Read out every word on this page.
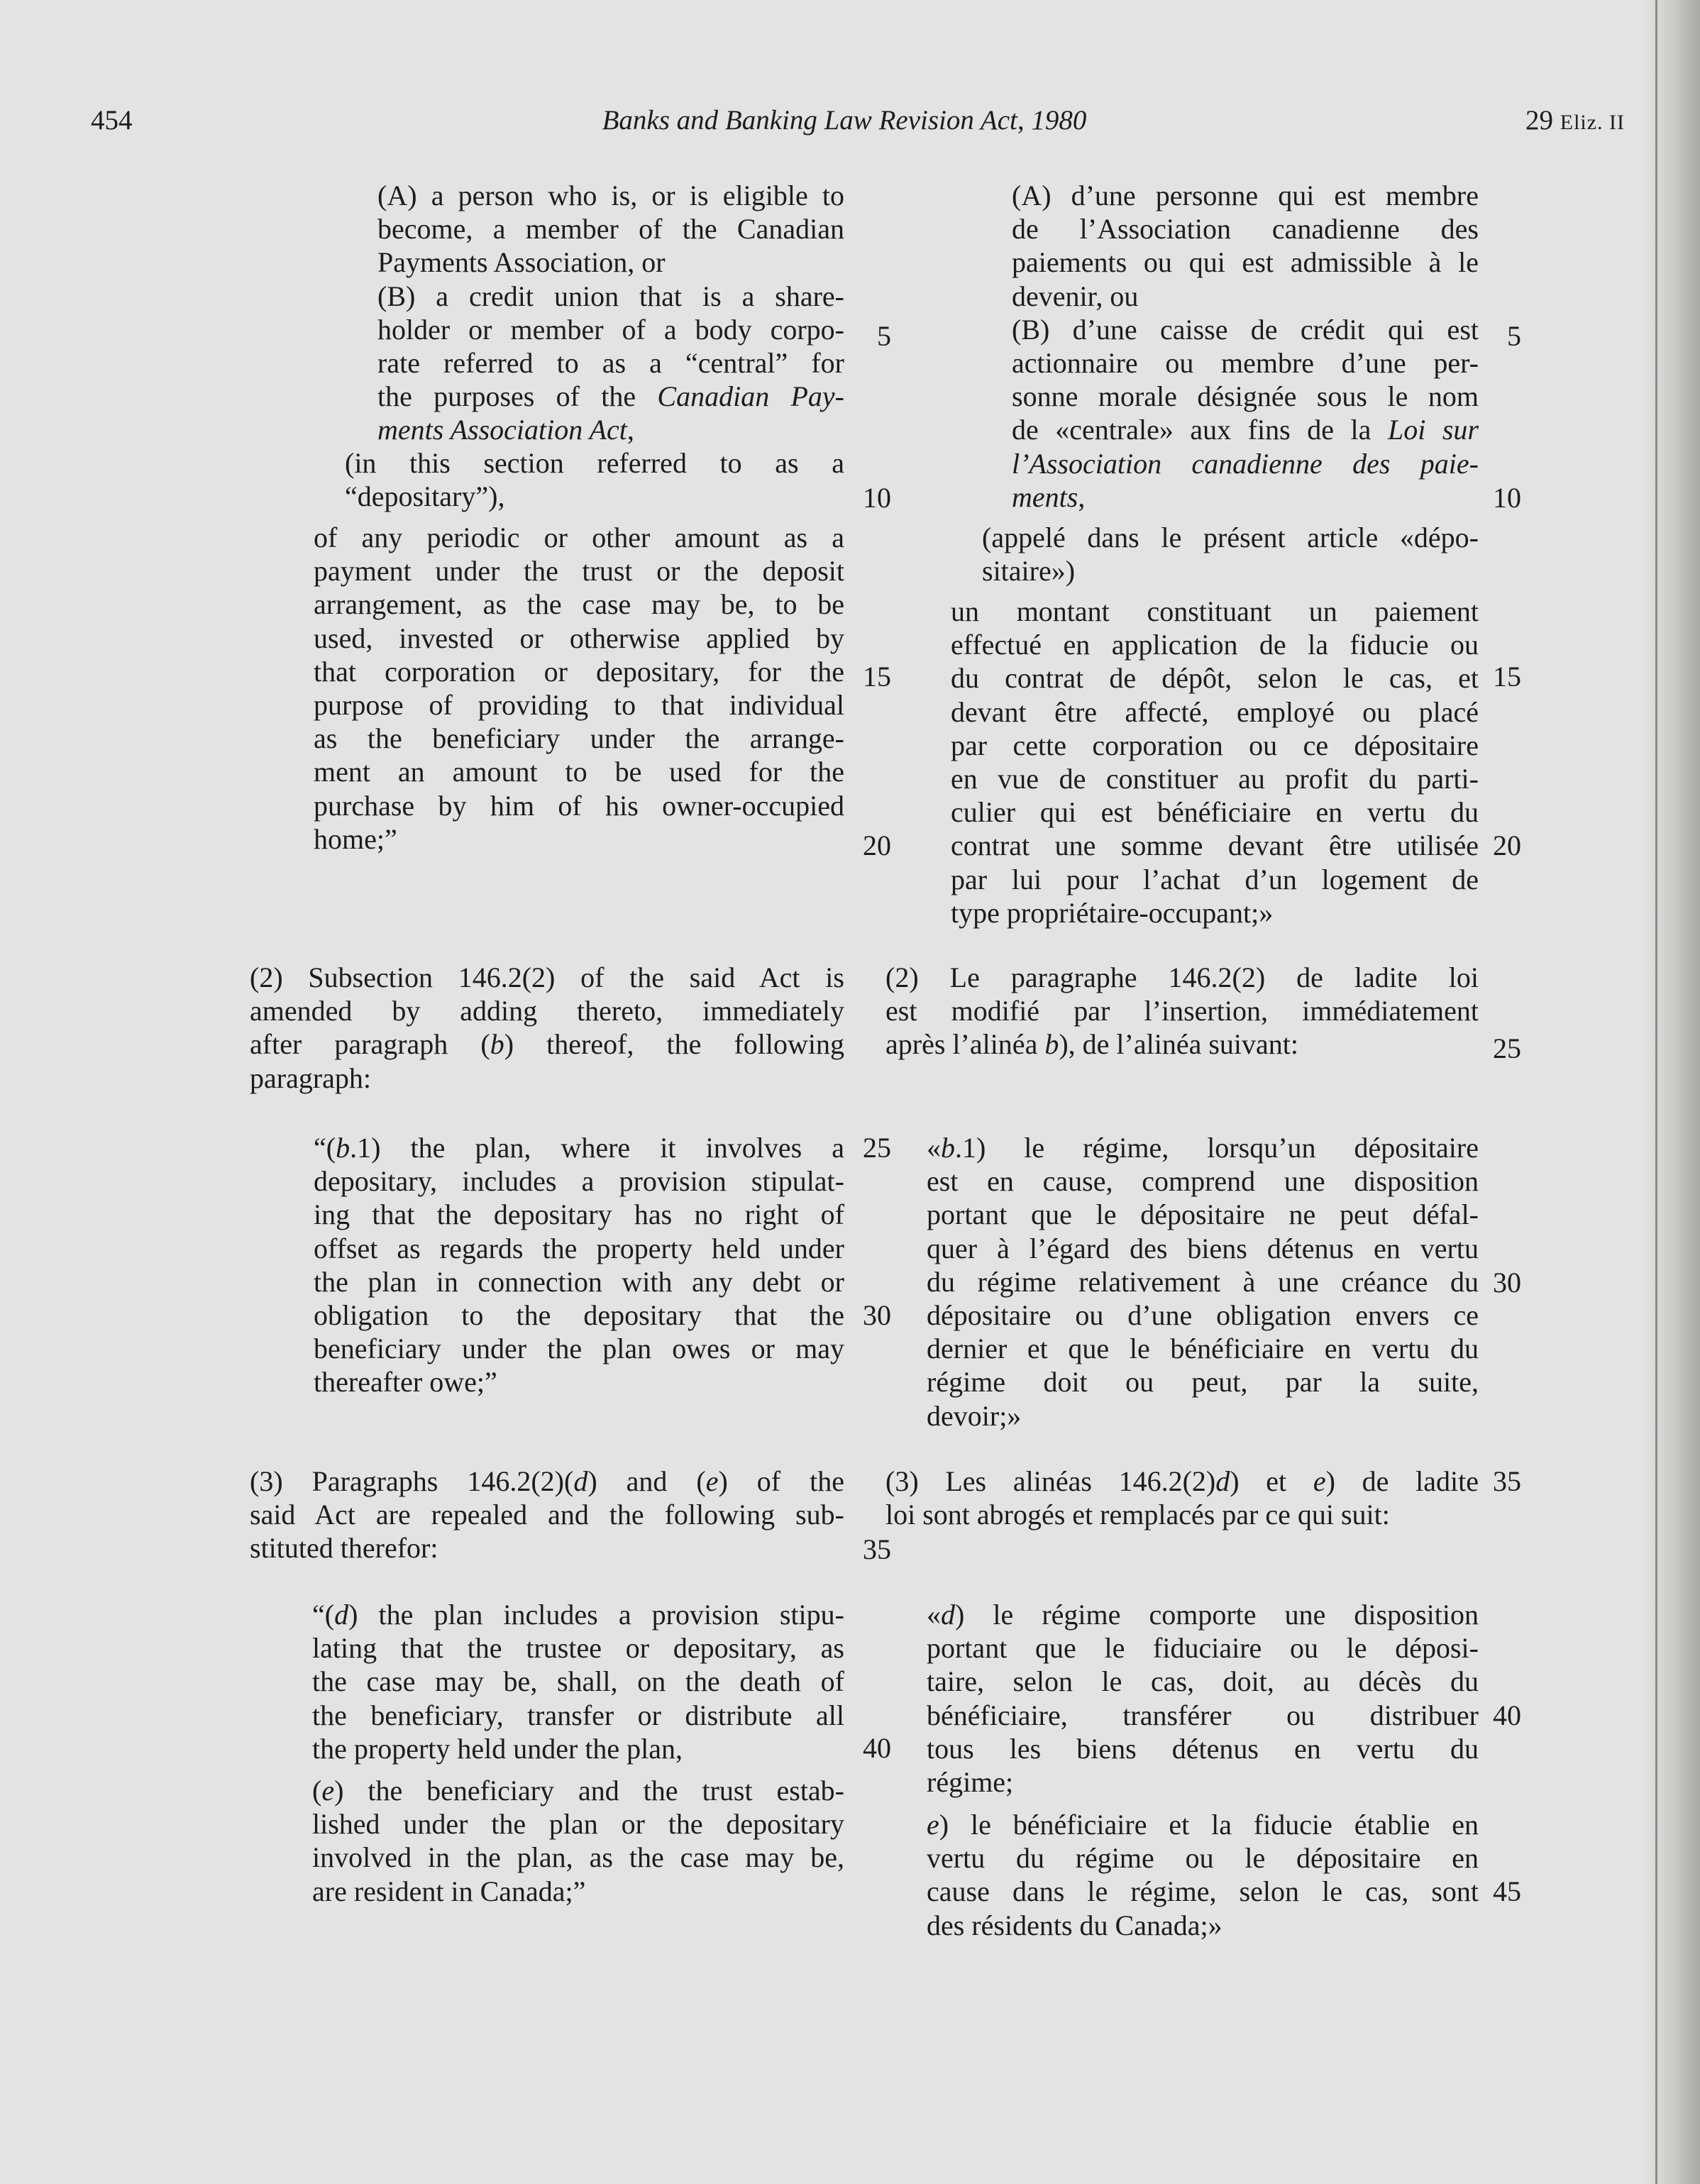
454	Banks and Banking Law Revision Act, 1980	29 Eliz. II
(A) a person who is, or is eligible to
become, a member of the Canadian
Payments Association, or
(B) a credit union that is a share-
holder or member of a body corpo-
rate referred to as a “central” for
the purposes of the Canadian Pay-
ments Association Act,
(in this section referred to as a
“depositary”),
of any periodic or other amount as a
payment under the trust or the deposit
arrangement, as the case may be, to be
used, invested or otherwise applied by
that corporation or depositary, for the
purpose of providing to that individual
as the beneficiary under the arrange-
ment an amount to be used for the
purchase by him of his owner-occupied
home;”
(2) Subsection 146.2(2) of the said Act is
amended by adding thereto, immediately
after paragraph (b) thereof, the following
paragraph:
“(b.1) the plan, where it involves a
depositary, includes a provision stipulat-
ing that the depositary has no right of
offset as regards the property held under
the plan in connection with any debt or
obligation to the depositary that the
beneficiary under the plan owes or may
thereafter owe;”
(3) Paragraphs 146.2(2)(d) and (e) of the
said Act are repealed and the following sub-
stituted therefor:
“(d) the plan includes a provision stipu-
lating that the trustee or depositary, as
the case may be, shall, on the death of
the beneficiary, transfer or distribute all
the property held under the plan,
(e) the beneficiary and the trust estab-
lished under the plan or the depositary
involved in the plan, as the case may be,
are resident in Canada;”
(A) d’une personne qui est membre
de l’Association canadienne des
paiements ou qui est admissible à le
devenir, ou
(B) d’une caisse de crédit qui est
actionnaire ou membre d’une per-
sonne morale désignée sous le nom
de «centrale» aux fins de la Loi sur
l’Association canadienne des paie-
ments,
(appelé dans le présent article «dépo-
sitaire»)
un montant constituant un paiement
effectué en application de la fiducie ou
du contrat de dépôt, selon le cas, et
devant être affecté, employé ou placé
par cette corporation ou ce dépositaire
en vue de constituer au profit du parti-
culier qui est bénéficiaire en vertu du
contrat une somme devant être utilisée
par lui pour l’achat d’un logement de
type propriétaire-occupant;»
(2) Le paragraphe 146.2(2) de ladite loi
est modifié par l’insertion, immédiatement
après l’alinéa b), de l’alinéa suivant:
«b.1) le régime, lorsqu’un dépositaire
est en cause, comprend une disposition
portant que le dépositaire ne peut défal-
quer à l’égard des biens détenus en vertu
du régime relativement à une créance du
dépositaire ou d’une obligation envers ce
dernier et que le bénéficiaire en vertu du
régime doit ou peut, par la suite,
devoir;»
(3) Les alinéas 146.2(2)d) et e) de ladite
loi sont abrogés et remplacés par ce qui suit:
«d) le régime comporte une disposition
portant que le fiduciaire ou le déposi-
taire, selon le cas, doit, au décès du
bénéficiaire, transférer ou distribuer
tous les biens détenus en vertu du
régime;
e) le bénéficiaire et la fiducie établie en
vertu du régime ou le dépositaire en
cause dans le régime, selon le cas, sont
des résidents du Canada;»
5
10
15
20
25
30
35
40
5
10
15
20
25
30
35
40
45
